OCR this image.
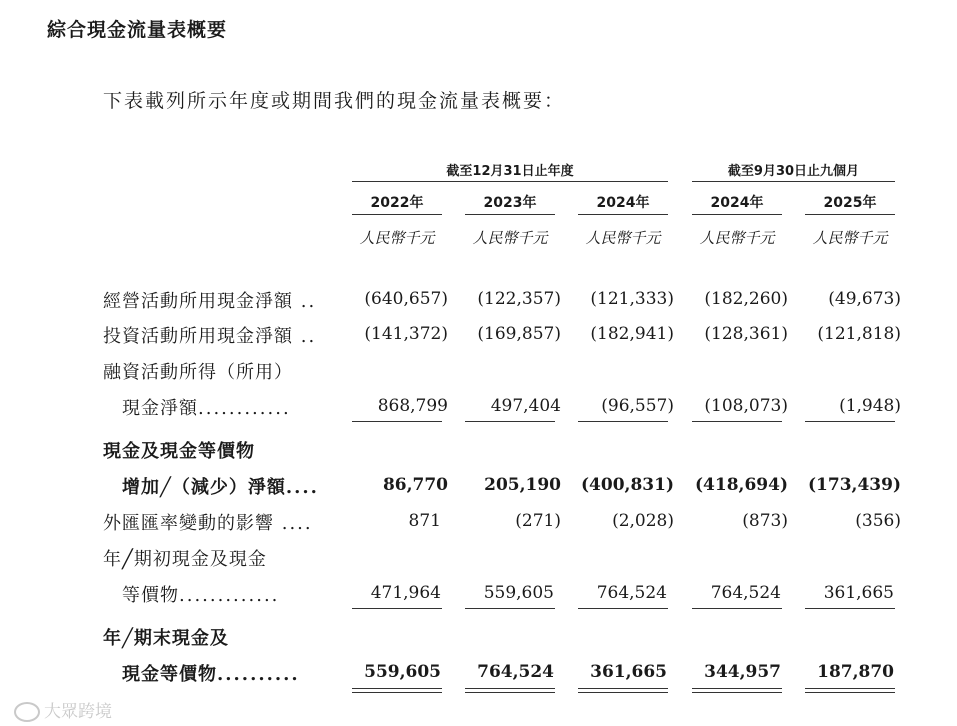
綜合現金流量表概要
下表載列所示年度或期間我們的現金流量表概要：
截至12月31日止年度	截至9月30日止九個月
2022年	2023年	2024年	2024年	2025年
人民幣千元	人民幣千元	人民幣千元	人民幣千元	人民幣千元
經營活動所用現金淨額 ..	(640,657)	(122,357)	(121,333)	(182,260)	(49,673)
投資活動所用現金淨額 ..	(141,372)	(169,857)	(182,941)	(128,361)	(121,818)
融資活動所得（所用）
現金淨額............	868,799	497,404	(96,557)	(108,073)	(1,948)
現金及現金等價物
增加╱（減少）淨額....	86,770	205,190	(400,831)	(418,694)	(173,439)
外匯匯率變動的影響 ....	871	(271)	(2,028)	(873)	(356)
年╱期初現金及現金
等價物.............	471,964	559,605	764,524	764,524	361,665
年╱期末現金及
現金等價物..........	559,605	764,524	361,665	344,957	187,870
大眾跨境
